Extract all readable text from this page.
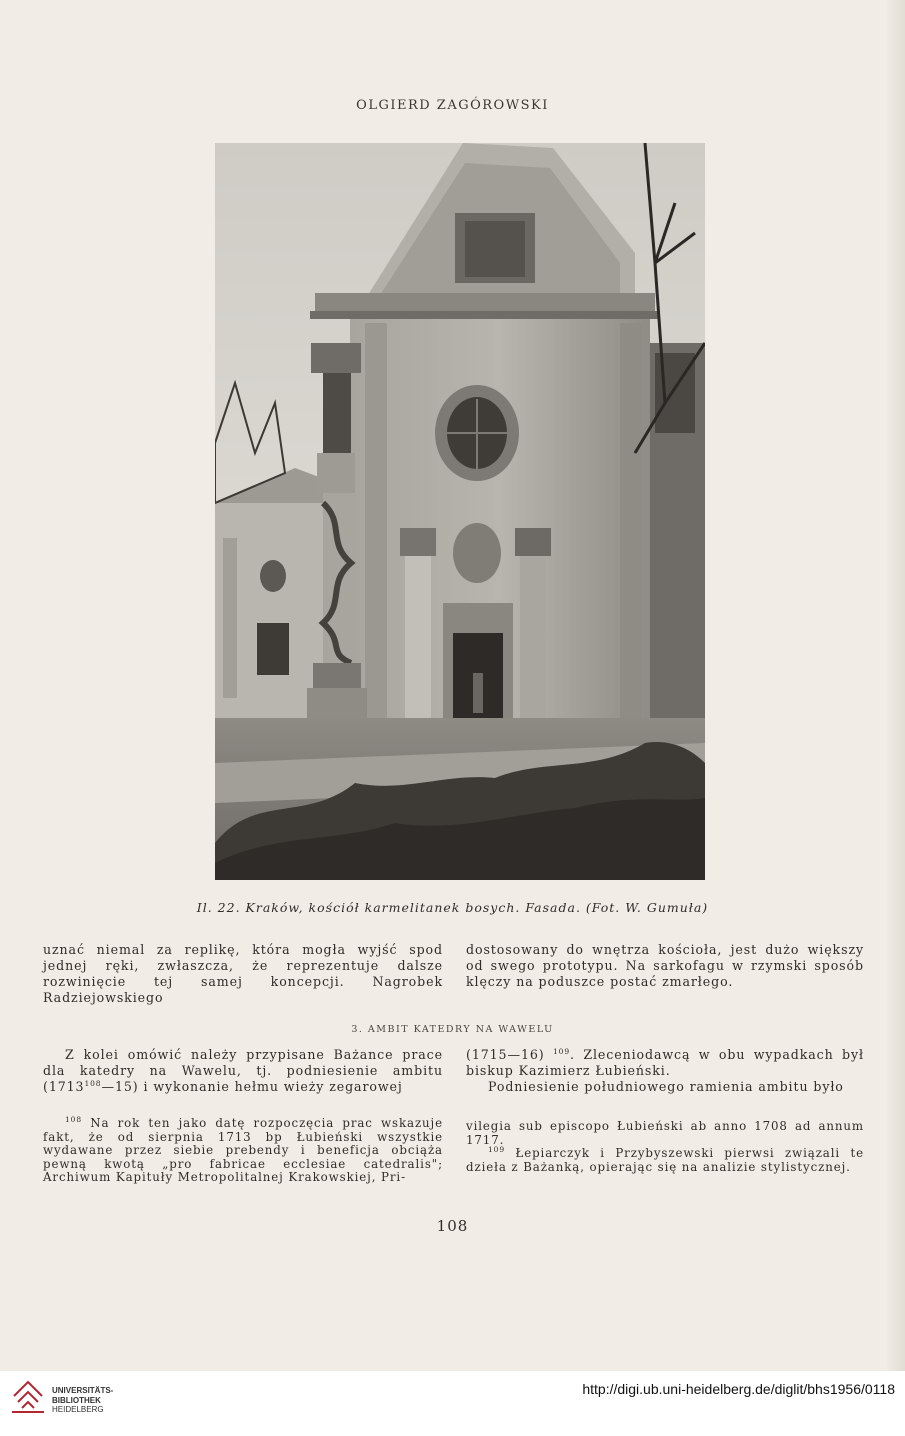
OLGIERD ZAGÓROWSKI
Il. 22. Kraków, kościół karmelitanek bosych. Fasada. (Fot. W. Gumuła)

uznać niemal za replikę, która mogła wyjść spod jednej ręki, zwłaszcza, że reprezentuje dalsze rozwinięcie tej samej koncepcji. Nagrobek Radziejowskiego

dostosowany do wnętrza kościoła, jest dużo większy od swego prototypu. Na sarkofagu w rzymski sposób klęczy na poduszce postać zmarłego.

3. AMBIT KATEDRY NA WAWELU

Z kolei omówić należy przypisane Bażance prace dla katedry na Wawelu, tj. podniesienie ambitu (1713$^{108}$—15) i wykonanie hełmu wieży zegarowej

(1715—16) $^{109}$. Zleceniodawcą w obu wypadkach był biskup Kazimierz Łubieński.

Podniesienie południowego ramienia ambitu było

$^{108}$ Na rok ten jako datę rozpoczęcia prac wskazuje fakt, że od sierpnia 1713 bp Łubieński wszystkie wydawane przez siebie prebendy i beneficja obciąża pewną kwotą „pro fabricae ecclesiae catedralis"; Archiwum Kapituły Metropolitalnej Krakowskiej, Pri-

vilegia sub episcopo Łubieński ab anno 1708 ad annum 1717.

$^{109}$ Łepiarczyk i Przybyszewski pierwsi związali te dzieła z Bażanką, opierając się na analizie stylistycznej.

108
UNIVERSITÄTS-
BIBLIOTHEK
HEIDELBERG
http://digi.ub.uni-heidelberg.de/diglit/bhs1956/0118
